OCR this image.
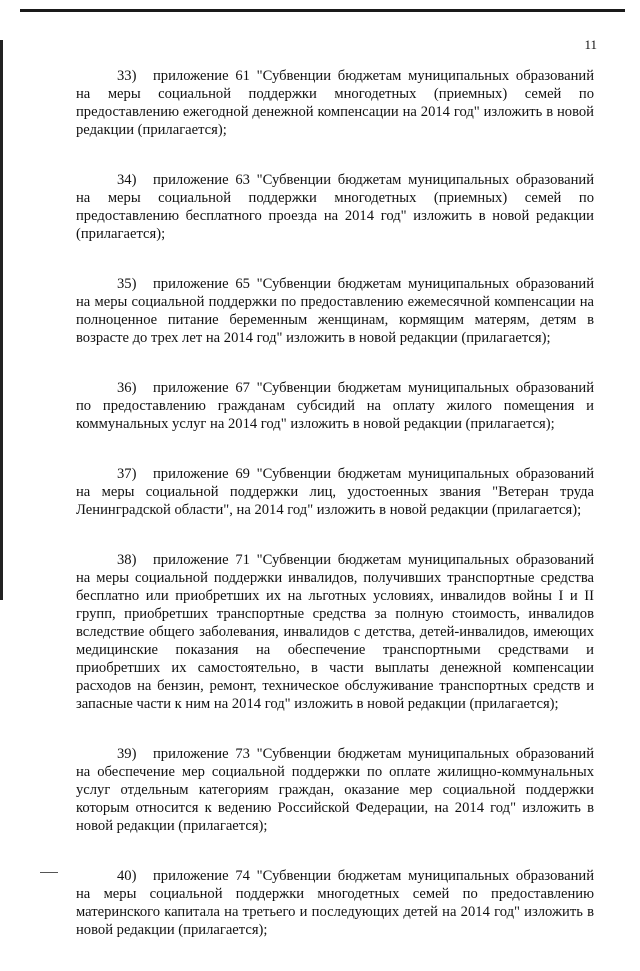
11

33) приложение 61 "Субвенции бюджетам муниципальных образований на меры социальной поддержки многодетных (приемных) семей по предоставлению ежегодной денежной компенсации на 2014 год" изложить в новой редакции (прилагается);

34) приложение 63 "Субвенции бюджетам муниципальных образований на меры социальной поддержки многодетных (приемных) семей по предоставлению бесплатного проезда на 2014 год" изложить в новой редакции (прилагается);

35) приложение 65 "Субвенции бюджетам муниципальных образований на меры социальной поддержки по предоставлению ежемесячной компенсации на полноценное питание беременным женщинам, кормящим матерям, детям в возрасте до трех лет на 2014 год" изложить в новой редакции (прилагается);

36) приложение 67 "Субвенции бюджетам муниципальных образований по предоставлению гражданам субсидий на оплату жилого помещения и коммунальных услуг на 2014 год" изложить в новой редакции (прилагается);

37) приложение 69 "Субвенции бюджетам муниципальных образований на меры социальной поддержки лиц, удостоенных звания "Ветеран труда Ленинградской области", на 2014 год" изложить в новой редакции (прилагается);

38) приложение 71 "Субвенции бюджетам муниципальных образований на меры социальной поддержки инвалидов, получивших транспортные средства бесплатно или приобретших их на льготных условиях, инвалидов войны I и II групп, приобретших транспортные средства за полную стоимость, инвалидов вследствие общего заболевания, инвалидов с детства, детей-инвалидов, имеющих медицинские показания на обеспечение транспортными средствами и приобретших их самостоятельно, в части выплаты денежной компенсации расходов на бензин, ремонт, техническое обслуживание транспортных средств и запасные части к ним на 2014 год" изложить в новой редакции (прилагается);

39) приложение 73 "Субвенции бюджетам муниципальных образований на обеспечение мер социальной поддержки по оплате жилищно-коммунальных услуг отдельным категориям граждан, оказание мер социальной поддержки которым относится к ведению Российской Федерации, на 2014 год" изложить в новой редакции (прилагается);

40) приложение 74 "Субвенции бюджетам муниципальных образований на меры социальной поддержки многодетных семей по предоставлению материнского капитала на третьего и последующих детей на 2014 год" изложить в новой редакции (прилагается);
